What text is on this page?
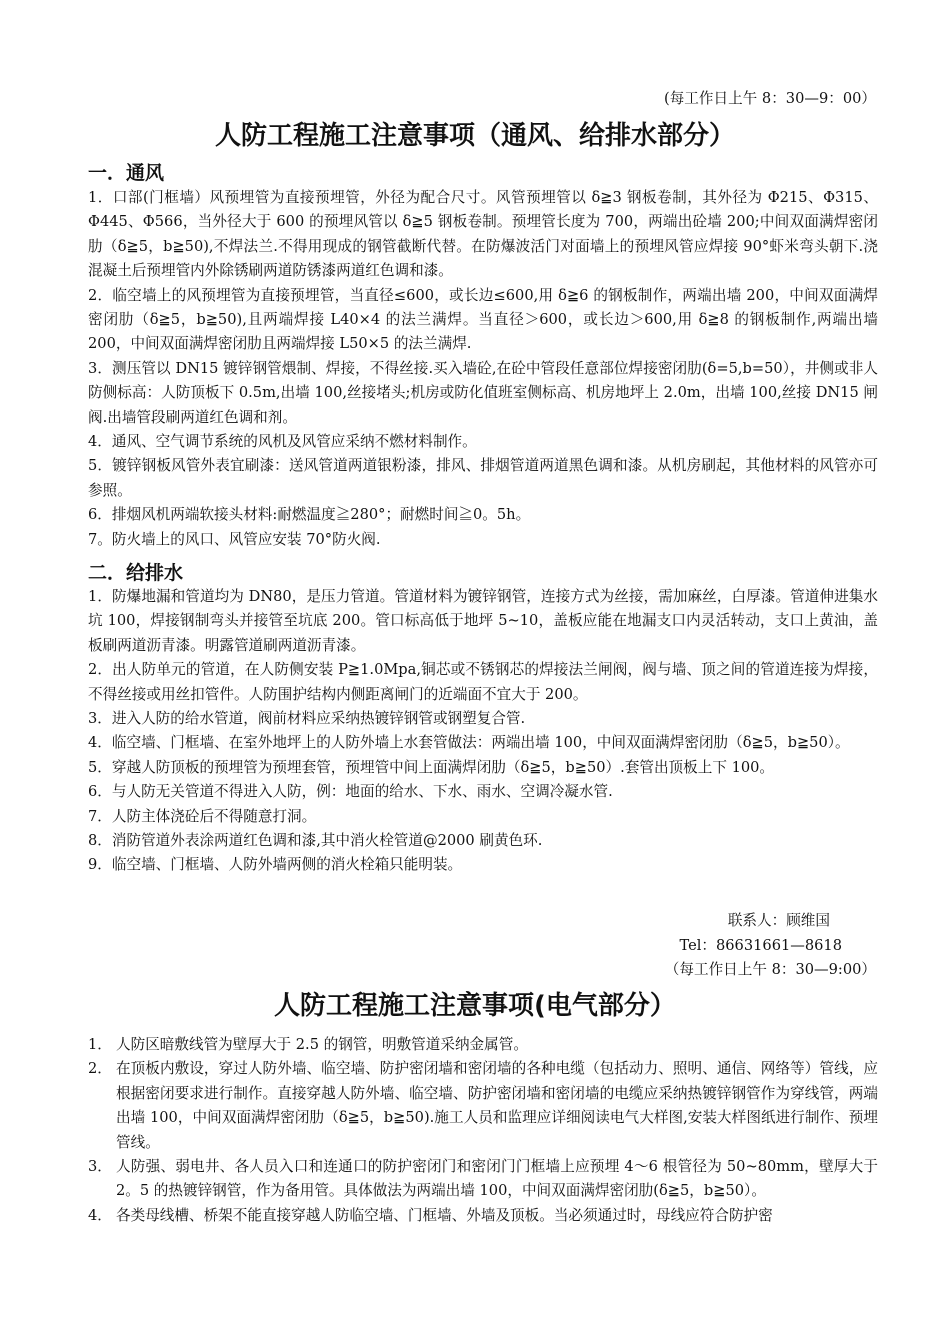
(每工作日上午 8：30—9：00）
人防工程施工注意事项（通风、给排水部分）
一．通风

1．口部(门框墙）风预埋管为直接预埋管，外径为配合尺寸。风管预埋管以 δ≧3 钢板卷制，其外径为 Φ215、Φ315、Φ445、Φ566，当外径大于 600 的预埋风管以 δ≧5 钢板卷制。预埋管长度为 700，两端出砼墙 200;中间双面满焊密闭肋（δ≧5，b≧50),不焊法兰.不得用现成的钢管截断代替。在防爆波活门对面墙上的预埋风管应焊接 90°虾米弯头朝下.浇混凝土后预埋管内外除锈刷两道防锈漆两道红色调和漆。

2．临空墙上的风预埋管为直接预埋管，当直径≤600，或长边≤600,用 δ≧6 的钢板制作，两端出墙 200，中间双面满焊密闭肋（δ≧5，b≧50),且两端焊接 L40×4 的法兰满焊。当直径＞600，或长边＞600,用 δ≧8 的钢板制作,两端出墙 200，中间双面满焊密闭肋且两端焊接 L50×5 的法兰满焊.

3．测压管以 DN15 镀锌钢管煨制、焊接，不得丝接.买入墙砼,在砼中管段任意部位焊接密闭肋(δ=5,b=50），井侧或非人防侧标高：人防顶板下 0.5m,出墙 100,丝接堵头;机房或防化值班室侧标高、机房地坪上 2.0m，出墙 100,丝接 DN15 闸阀.出墙管段刷两道红色调和剂。

4．通风、空气调节系统的风机及风管应采纳不燃材料制作。

5．镀锌钢板风管外表宜刷漆：送风管道两道银粉漆，排风、排烟管道两道黑色调和漆。从机房刷起，其他材料的风管亦可参照。

6．排烟风机两端软接头材料:耐燃温度≧280°；耐燃时间≧0。5h。

7。防火墙上的风口、风管应安装 70°防火阀.

二．给排水

1．防爆地漏和管道均为 DN80，是压力管道。管道材料为镀锌钢管，连接方式为丝接，需加麻丝，白厚漆。管道伸进集水坑 100，焊接钢制弯头并接管至坑底 200。管口标高低于地坪 5~10，盖板应能在地漏支口内灵活转动，支口上黄油，盖板刷两道沥青漆。明露管道刷两道沥青漆。

2．出人防单元的管道，在人防侧安装 P≧1.0Mpa,铜芯或不锈钢芯的焊接法兰闸阀，阀与墙、顶之间的管道连接为焊接，不得丝接或用丝扣管件。人防围护结构内侧距离闸门的近端面不宜大于 200。

3．进入人防的给水管道，阀前材料应采纳热镀锌钢管或钢塑复合管.

4．临空墙、门框墙、在室外地坪上的人防外墙上水套管做法：两端出墙 100，中间双面满焊密闭肋（δ≧5，b≧50）。

5．穿越人防顶板的预埋管为预埋套管，预埋管中间上面满焊闭肋（δ≧5，b≧50）.套管出顶板上下 100。

6．与人防无关管道不得进入人防，例：地面的给水、下水、雨水、空调冷凝水管.

7．人防主体浇砼后不得随意打洞。

8．消防管道外表涂两道红色调和漆,其中消火栓管道@2000 刷黄色环.

9．临空墙、门框墙、人防外墙两侧的消火栓箱只能明装。

联系人：顾维国
Tel：86631661—8618
（每工作日上午 8：30—9:00）
人防工程施工注意事项(电气部分）
1． 人防区暗敷线管为壁厚大于 2.5 的钢管，明敷管道采纳金属管。
2． 在顶板内敷设，穿过人防外墙、临空墙、防护密闭墙和密闭墙的各种电缆（包括动力、照明、通信、网络等）管线，应根据密闭要求进行制作。直接穿越人防外墙、临空墙、防护密闭墙和密闭墙的电缆应采纳热镀锌钢管作为穿线管，两端出墙 100，中间双面满焊密闭肋（δ≧5，b≧50).施工人员和监理应详细阅读电气大样图,安装大样图纸进行制作、预埋管线。
3． 人防强、弱电井、各人员入口和连通口的防护密闭门和密闭门门框墙上应预埋 4～6 根管径为 50~80mm，壁厚大于 2。5 的热镀锌钢管，作为备用管。具体做法为两端出墙 100，中间双面满焊密闭肋(δ≧5，b≧50）。
4． 各类母线槽、桥架不能直接穿越人防临空墙、门框墙、外墙及顶板。当必须通过时，母线应符合防护密
